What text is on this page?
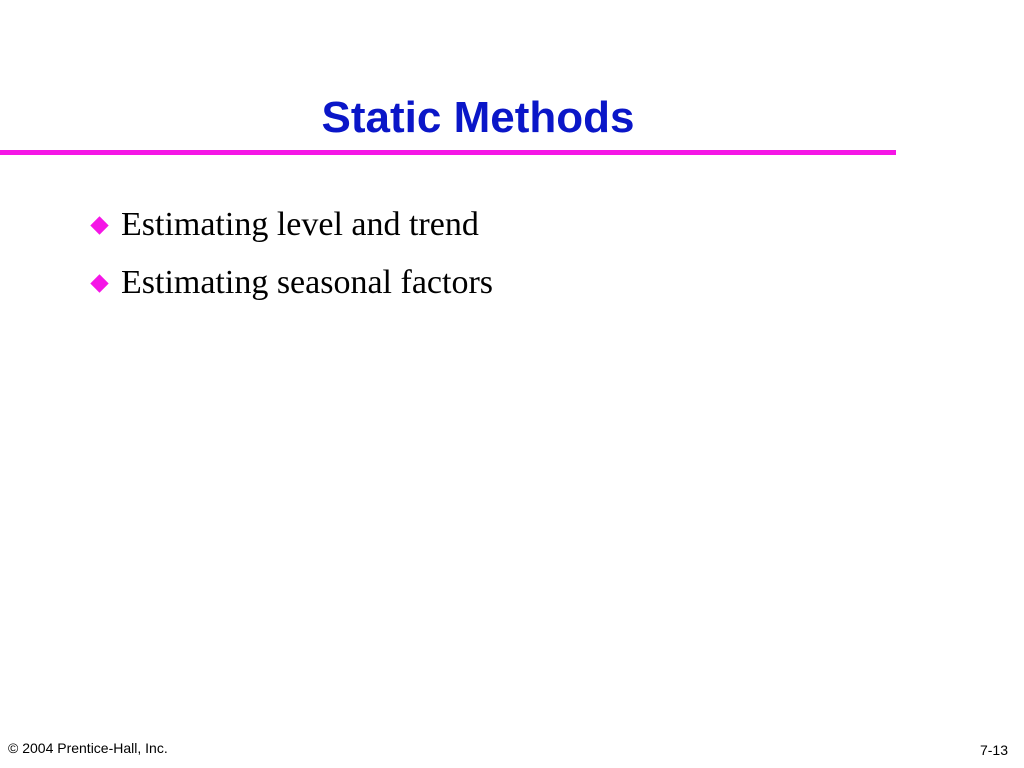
Static Methods
Estimating level and trend
Estimating seasonal factors
© 2004 Prentice-Hall, Inc.	7-13
